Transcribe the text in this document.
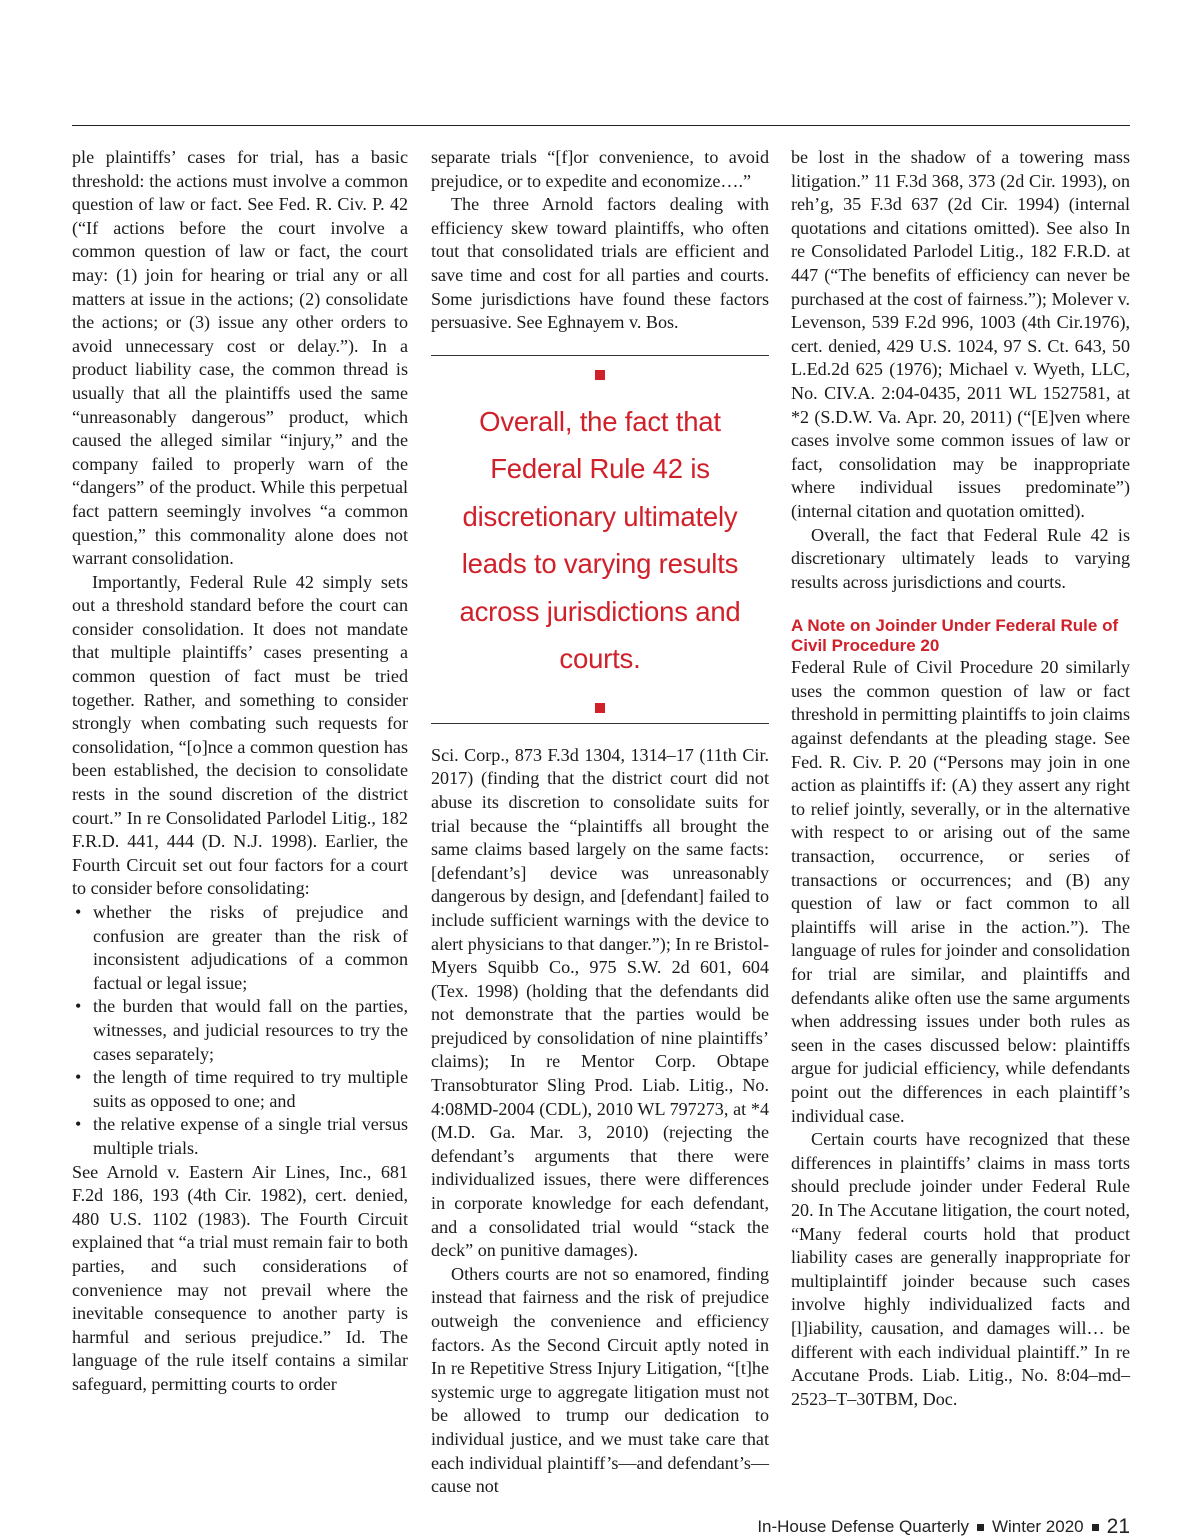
ple plaintiffs’ cases for trial, has a basic threshold: the actions must involve a common question of law or fact. See Fed. R. Civ. P. 42 (“If actions before the court involve a common question of law or fact, the court may: (1) join for hearing or trial any or all matters at issue in the actions; (2) consolidate the actions; or (3) issue any other orders to avoid unnecessary cost or delay.”). In a product liability case, the common thread is usually that all the plaintiffs used the same “unreasonably dangerous” product, which caused the alleged similar “injury,” and the company failed to properly warn of the “dangers” of the product. While this perpetual fact pattern seemingly involves “a common question,” this commonality alone does not warrant consolidation.

Importantly, Federal Rule 42 simply sets out a threshold standard before the court can consider consolidation. It does not mandate that multiple plaintiffs’ cases presenting a common question of fact must be tried together. Rather, and something to consider strongly when combating such requests for consolidation, “[o]nce a common question has been established, the decision to consolidate rests in the sound discretion of the district court.” In re Consolidated Parlodel Litig., 182 F.R.D. 441, 444 (D. N.J. 1998). Earlier, the Fourth Circuit set out four factors for a court to consider before consolidating:

• whether the risks of prejudice and confusion are greater than the risk of inconsistent adjudications of a common factual or legal issue;
• the burden that would fall on the parties, witnesses, and judicial resources to try the cases separately;
• the length of time required to try multiple suits as opposed to one; and
• the relative expense of a single trial versus multiple trials.

See Arnold v. Eastern Air Lines, Inc., 681 F.2d 186, 193 (4th Cir. 1982), cert. denied, 480 U.S. 1102 (1983). The Fourth Circuit explained that “a trial must remain fair to both parties, and such considerations of convenience may not prevail where the inevitable consequence to another party is harmful and serious prejudice.” Id. The language of the rule itself contains a similar safeguard, permitting courts to order

separate trials “[f]or convenience, to avoid prejudice, or to expedite and economize….”

The three Arnold factors dealing with efficiency skew toward plaintiffs, who often tout that consolidated trials are efficient and save time and cost for all parties and courts. Some jurisdictions have found these factors persuasive. See Eghnayem v. Bos.

Overall, the fact that Federal Rule 42 is discretionary ultimately leads to varying results across jurisdictions and courts.

Sci. Corp., 873 F.3d 1304, 1314–17 (11th Cir. 2017) (finding that the district court did not abuse its discretion to consolidate suits for trial because the “plaintiffs all brought the same claims based largely on the same facts: [defendant’s] device was unreasonably dangerous by design, and [defendant] failed to include sufficient warnings with the device to alert physicians to that danger.”); In re Bristol-Myers Squibb Co., 975 S.W. 2d 601, 604 (Tex. 1998) (holding that the defendants did not demonstrate that the parties would be prejudiced by consolidation of nine plaintiffs’ claims); In re Mentor Corp. Obtape Transobturator Sling Prod. Liab. Litig., No. 4:08MD-2004 (CDL), 2010 WL 797273, at *4 (M.D. Ga. Mar. 3, 2010) (rejecting the defendant’s arguments that there were individualized issues, there were differences in corporate knowledge for each defendant, and a consolidated trial would “stack the deck” on punitive damages).

Others courts are not so enamored, finding instead that fairness and the risk of prejudice outweigh the convenience and efficiency factors. As the Second Circuit aptly noted in In re Repetitive Stress Injury Litigation, “[t]he systemic urge to aggregate litigation must not be allowed to trump our dedication to individual justice, and we must take care that each individual plaintiff’s—and defendant’s—cause not

be lost in the shadow of a towering mass litigation.” 11 F.3d 368, 373 (2d Cir. 1993), on reh’g, 35 F.3d 637 (2d Cir. 1994) (internal quotations and citations omitted). See also In re Consolidated Parlodel Litig., 182 F.R.D. at 447 (“The benefits of efficiency can never be purchased at the cost of fairness.”); Molever v. Levenson, 539 F.2d 996, 1003 (4th Cir.1976), cert. denied, 429 U.S. 1024, 97 S. Ct. 643, 50 L.Ed.2d 625 (1976); Michael v. Wyeth, LLC, No. CIV.A. 2:04-0435, 2011 WL 1527581, at *2 (S.D.W. Va. Apr. 20, 2011) (“[E]ven where cases involve some common issues of law or fact, consolidation may be inappropriate where individual issues predominate”) (internal citation and quotation omitted).

Overall, the fact that Federal Rule 42 is discretionary ultimately leads to varying results across jurisdictions and courts.

A Note on Joinder Under Federal Rule of Civil Procedure 20

Federal Rule of Civil Procedure 20 similarly uses the common question of law or fact threshold in permitting plaintiffs to join claims against defendants at the pleading stage. See Fed. R. Civ. P. 20 (“Persons may join in one action as plaintiffs if: (A) they assert any right to relief jointly, severally, or in the alternative with respect to or arising out of the same transaction, occurrence, or series of transactions or occurrences; and (B) any question of law or fact common to all plaintiffs will arise in the action.”). The language of rules for joinder and consolidation for trial are similar, and plaintiffs and defendants alike often use the same arguments when addressing issues under both rules as seen in the cases discussed below: plaintiffs argue for judicial efficiency, while defendants point out the differences in each plaintiff’s individual case.

Certain courts have recognized that these differences in plaintiffs’ claims in mass torts should preclude joinder under Federal Rule 20. In The Accutane litigation, the court noted, “Many federal courts hold that product liability cases are generally inappropriate for multiplaintiff joinder because such cases involve highly individualized facts and [l]iability, causation, and damages will… be different with each individual plaintiff.” In re Accutane Prods. Liab. Litig., No. 8:04–md–2523–T–30TBM, Doc.

In-House Defense Quarterly Winter 2020 21
